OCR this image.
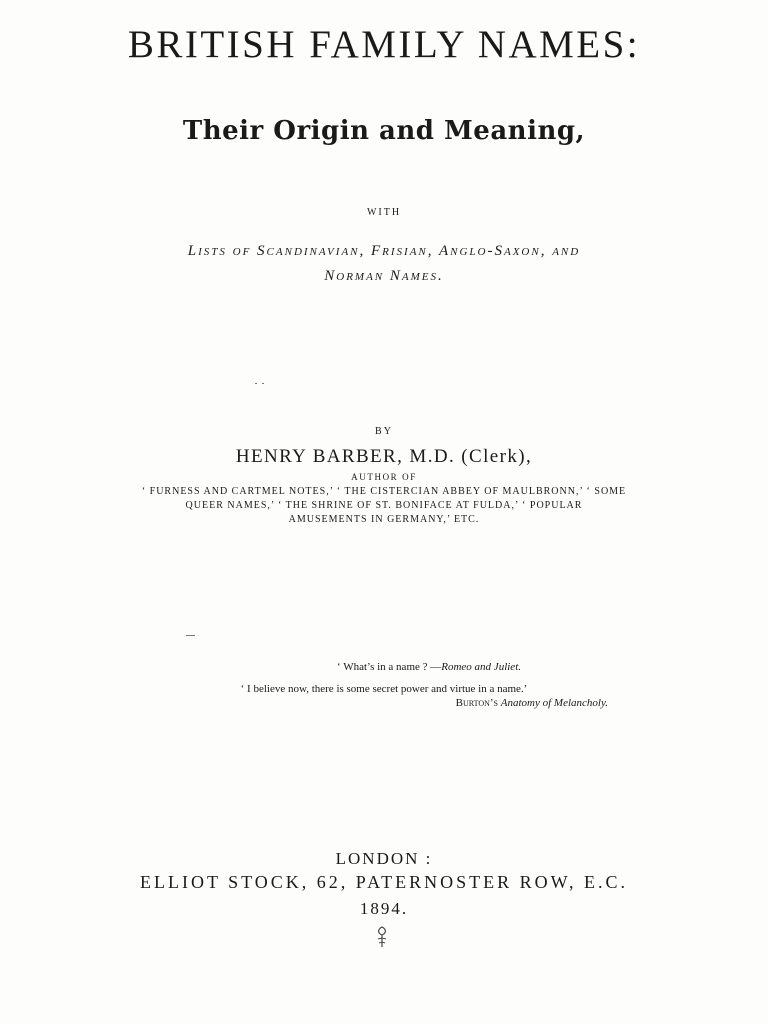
BRITISH FAMILY NAMES:
Their Origin and Meaning,
WITH
Lists of Scandinavian, Frisian, Anglo-Saxon, and
Norman Names.
BY
HENRY BARBER, M.D. (Clerk),
AUTHOR OF
‘ FURNESS AND CARTMEL NOTES,’ ‘ THE CISTERCIAN ABBEY OF MAULBRONN,’ ‘ SOME
QUEER NAMES,’ ‘ THE SHRINE OF ST. BONIFACE AT FULDA,’ ‘ POPULAR
AMUSEMENTS IN GERMANY,’ ETC.
‘ What’s in a name ? —Romeo and Juliet.
‘ I believe now, there is some secret power and virtue in a name.’
Burton’s Anatomy of Melancholy.
LONDON :
ELLIOT STOCK, 62, PATERNOSTER ROW, E.C.
1894.
